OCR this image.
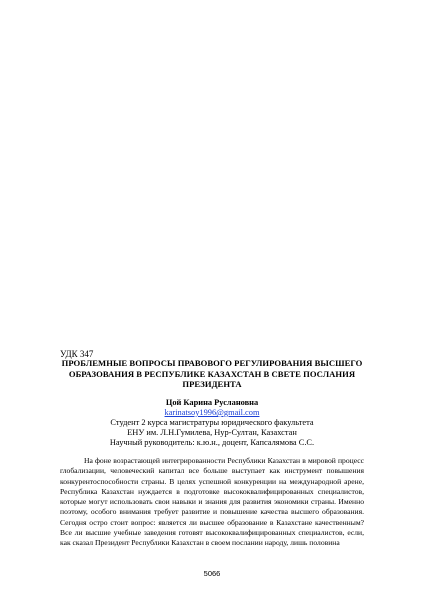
УДК 347
ПРОБЛЕМНЫЕ ВОПРОСЫ ПРАВОВОГО РЕГУЛИРОВАНИЯ ВЫСШЕГО ОБРАЗОВАНИЯ В РЕСПУБЛИКЕ КАЗАХСТАН В СВЕТЕ ПОСЛАНИЯ ПРЕЗИДЕНТА
Цой Карина Руслановна
karinatsoy1996@gmail.com
Студент 2 курса магистратуры юридического факультета
ЕНУ им. Л.Н.Гумилева, Нур-Султан, Казахстан
Научный руководитель: к.ю.н., доцент, Капсалямова С.С.

На фоне возрастающей интегрированности Республики Казахстан в мировой процесс глобализации, человеческий капитал все больше выступает как инструмент повышения конкурентоспособности страны. В целях успешной конкуренции на международной арене, Республика Казахстан нуждается в подготовке высококвалифицированных специалистов, которые могут использовать свои навыки и знания для развития экономики страны. Именно поэтому, особого внимания требует развитие и повышение качества высшего образования. Сегодня остро стоит вопрос: является ли высшее образование в Казахстане качественным? Все ли высшие учебные заведения готовят высококвалифицированных специалистов, если, как сказал Президент Республики Казахстан в своем послании народу, лишь половина

5066
